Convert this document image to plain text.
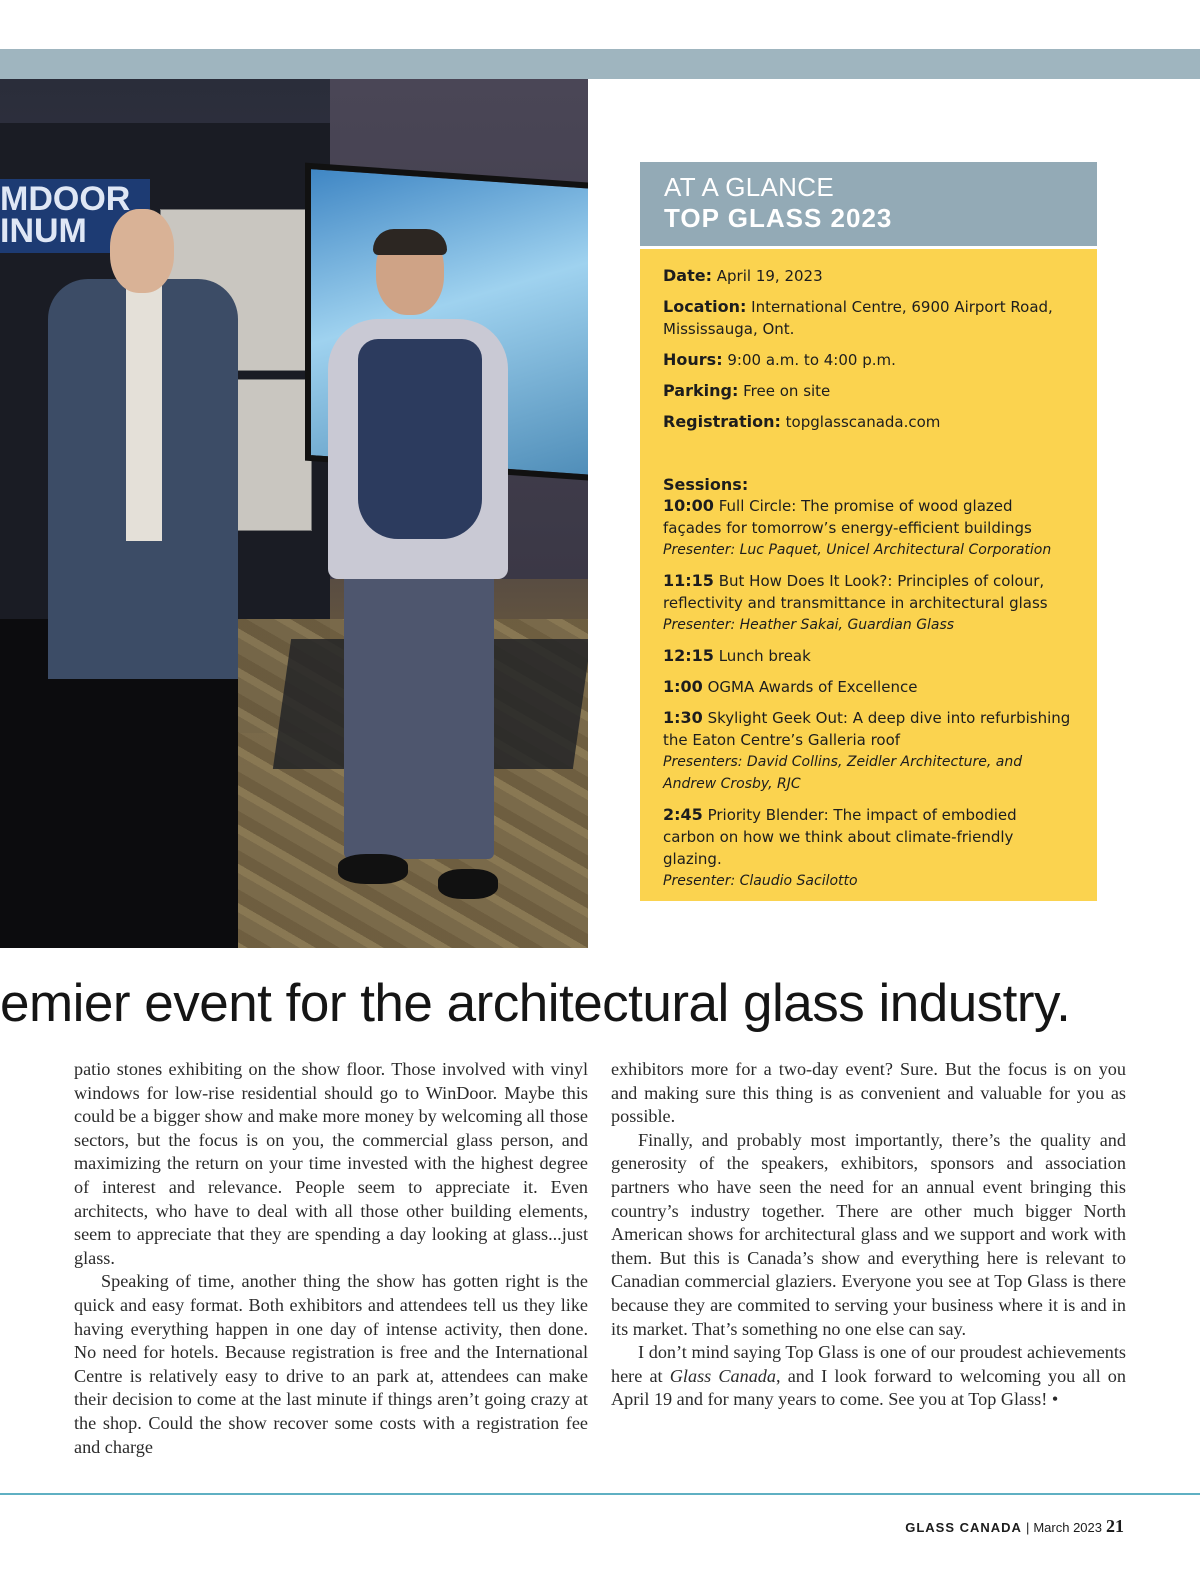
MDOOR
INUM
AT A GLANCE
TOP GLASS 2023

Date: April 19, 2023

Location: International Centre, 6900 Airport Road, Mississauga, Ont.

Hours: 9:00 a.m. to 4:00 p.m.

Parking: Free on site

Registration: topglasscanada.com

Sessions:

10:00 Full Circle: The promise of wood glazed façades for tomorrow’s energy-efficient buildings

Presenter: Luc Paquet, Unicel Architectural Corporation

11:15 But How Does It Look?: Principles of colour, reflectivity and transmittance in architectural glass

Presenter: Heather Sakai, Guardian Glass

12:15 Lunch break

1:00 OGMA Awards of Excellence

1:30 Skylight Geek Out: A deep dive into refurbishing the Eaton Centre’s Galleria roof

Presenters: David Collins, Zeidler Architecture, and Andrew Crosby, RJC

2:45 Priority Blender: The impact of embodied carbon on how we think about climate-friendly glazing.

Presenter: Claudio Sacilotto

emier event for the architectural glass industry.

patio stones exhibiting on the show floor. Those involved with vinyl windows for low-rise residential should go to WinDoor. Maybe this could be a bigger show and make more money by welcoming all those sectors, but the focus is on you, the commercial glass person, and maximizing the return on your time invested with the highest degree of interest and relevance. People seem to appreciate it. Even architects, who have to deal with all those other building elements, seem to appreciate that they are spending a day looking at glass...just glass.

Speaking of time, another thing the show has gotten right is the quick and easy format. Both exhibitors and attendees tell us they like having everything happen in one day of intense activity, then done. No need for hotels. Because registration is free and the International Centre is relatively easy to drive to an park at, attendees can make their decision to come at the last minute if things aren’t going crazy at the shop. Could the show recover some costs with a registration fee and charge

exhibitors more for a two-day event? Sure. But the focus is on you and making sure this thing is as convenient and valuable for you as possible.

Finally, and probably most importantly, there’s the quality and generosity of the speakers, exhibitors, sponsors and association partners who have seen the need for an annual event bringing this country’s industry together. There are other much bigger North American shows for architectural glass and we support and work with them. But this is Canada’s show and everything here is relevant to Canadian commercial glaziers. Everyone you see at Top Glass is there because they are commited to serving your business where it is and in its market. That’s something no one else can say.

I don’t mind saying Top Glass is one of our proudest achievements here at Glass Canada, and I look forward to welcoming you all on April 19 and for many years to come. See you at Top Glass! •

GLASS CANADA | March 2023 21
